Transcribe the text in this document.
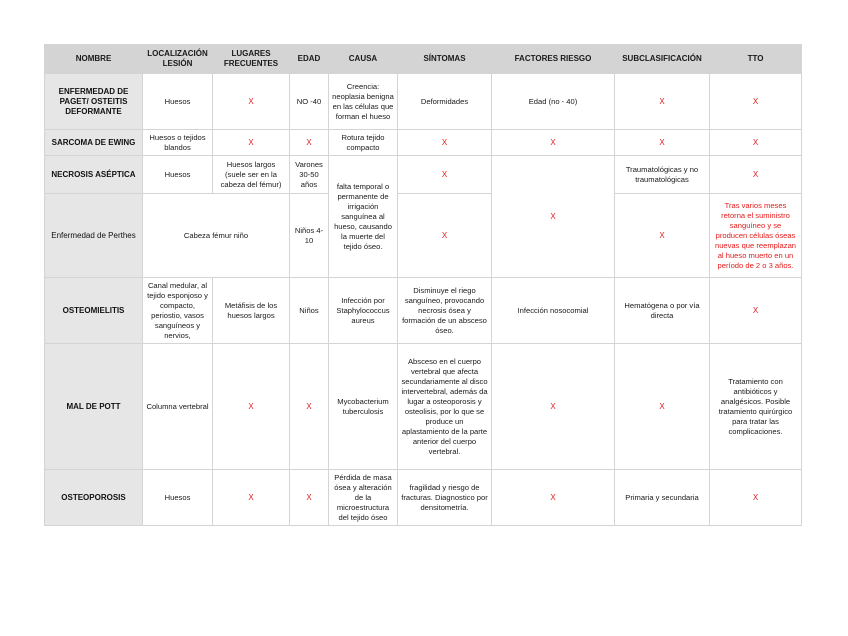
NOMBRE	LOCALIZACIÓN LESIÓN	LUGARES FRECUENTES	EDAD	CAUSA	SÍNTOMAS	FACTORES RIESGO	SUBCLASIFICACIÓN	TTO
ENFERMEDAD DE PAGET/ OSTEITIS DEFORMANTE	Huesos	X	NO -40	Creencia: neoplasia benigna en las células que forman el hueso	Deformidades	Edad (no - 40)	X	X
SARCOMA DE EWING	Huesos o tejidos blandos	X	X	Rotura tejido compacto	X	X	X	X
NECROSIS ASÉPTICA	Huesos	Huesos largos (suele ser en la cabeza del fémur)	Varones 30-50 años	falta temporal o permanente de irrigación sanguínea al hueso, causando la muerte del tejido óseo.	X	X	Traumatológicas y no traumatológicas	X
Enfermedad de Perthes	Cabeza fémur niño		Niños 4-10		X		X	Tras varios meses retorna el suministro sanguíneo y se producen células óseas nuevas que reemplazan al hueso muerto en un período de 2 o 3 años.
OSTEOMIELITIS	Canal medular, al tejido esponjoso y compacto, periostio, vasos sanguíneos y nervios,	Metáfisis de los huesos largos	Niños	Infección por Staphylococcus aureus	Disminuye el riego sanguíneo, provocando necrosis ósea y formación de un absceso óseo.	Infección nosocomial	Hematógena o por vía directa	X
MAL DE POTT	Columna vertebral	X	X	Mycobacterium tuberculosis	Absceso en el cuerpo vertebral que afecta secundariamente al disco intervertebral, además da lugar a osteoporosis y osteolisis, por lo que se produce un aplastamiento de la parte anterior del cuerpo vertebral.	X	X	Tratamiento con antibióticos y analgésicos. Posible tratamiento quirúrgico para tratar las complicaciones.
OSTEOPOROSIS	Huesos	X	X	Pérdida de masa ósea y alteración de la microestructura del tejido óseo	fragilidad y riesgo de fracturas. Diagnostico por densitometría.	X	Primaria y secundaria	X
